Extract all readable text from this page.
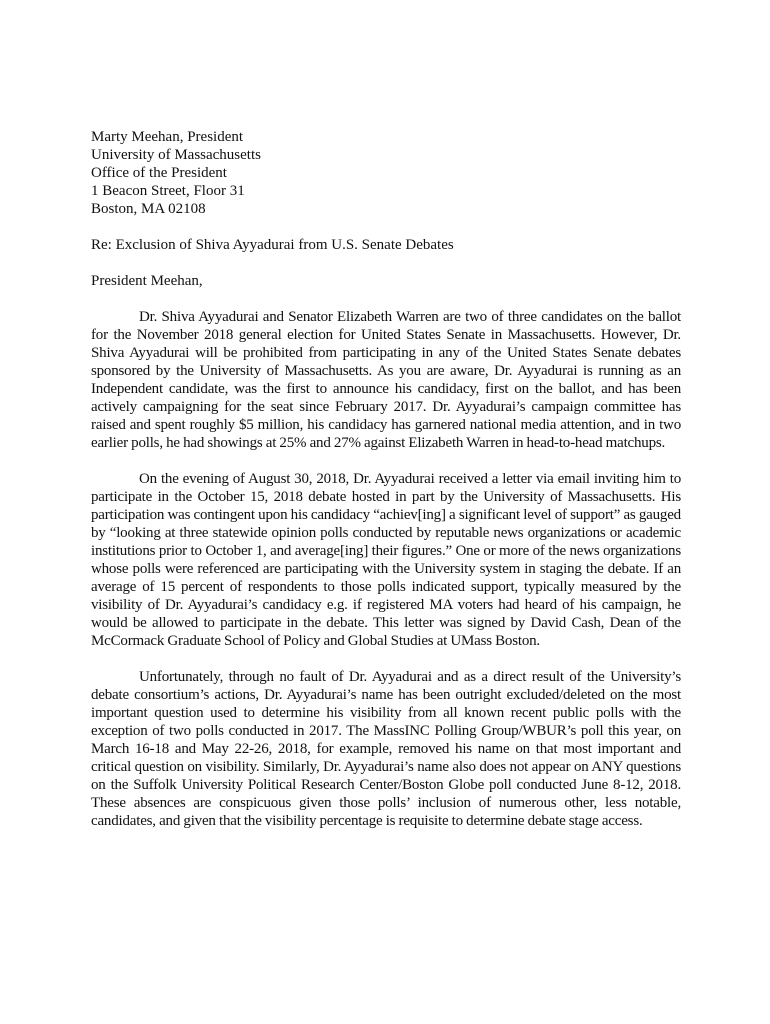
Marty Meehan, President
University of Massachusetts
Office of the President
1 Beacon Street, Floor 31
Boston, MA 02108
Re: Exclusion of Shiva Ayyadurai from U.S. Senate Debates
President Meehan,

Dr. Shiva Ayyadurai and Senator Elizabeth Warren are two of three candidates on the ballot for the November 2018 general election for United States Senate in Massachusetts. However, Dr. Shiva Ayyadurai will be prohibited from participating in any of the United States Senate debates sponsored by the University of Massachusetts. As you are aware, Dr. Ayyadurai is running as an Independent candidate, was the first to announce his candidacy, first on the ballot, and has been actively campaigning for the seat since February 2017. Dr. Ayyadurai’s campaign committee has raised and spent roughly $5 million, his candidacy has garnered national media attention, and in two earlier polls, he had showings at 25% and 27% against Elizabeth Warren in head-to-head matchups.

On the evening of August 30, 2018, Dr. Ayyadurai received a letter via email inviting him to participate in the October 15, 2018 debate hosted in part by the University of Massachusetts. His participation was contingent upon his candidacy “achiev[ing] a significant level of support” as gauged by “looking at three statewide opinion polls conducted by reputable news organizations or academic institutions prior to October 1, and average[ing] their figures.” One or more of the news organizations whose polls were referenced are participating with the University system in staging the debate. If an average of 15 percent of respondents to those polls indicated support, typically measured by the visibility of Dr. Ayyadurai’s candidacy e.g. if registered MA voters had heard of his campaign, he would be allowed to participate in the debate. This letter was signed by David Cash, Dean of the McCormack Graduate School of Policy and Global Studies at UMass Boston.

Unfortunately, through no fault of Dr. Ayyadurai and as a direct result of the University’s debate consortium’s actions, Dr. Ayyadurai’s name has been outright excluded/deleted on the most important question used to determine his visibility from all known recent public polls with the exception of two polls conducted in 2017. The MassINC Polling Group/WBUR’s poll this year, on March 16-18 and May 22-26, 2018, for example, removed his name on that most important and critical question on visibility. Similarly, Dr. Ayyadurai’s name also does not appear on ANY questions on the Suffolk University Political Research Center/Boston Globe poll conducted June 8-12, 2018. These absences are conspicuous given those polls’ inclusion of numerous other, less notable, candidates, and given that the visibility percentage is requisite to determine debate stage access.
